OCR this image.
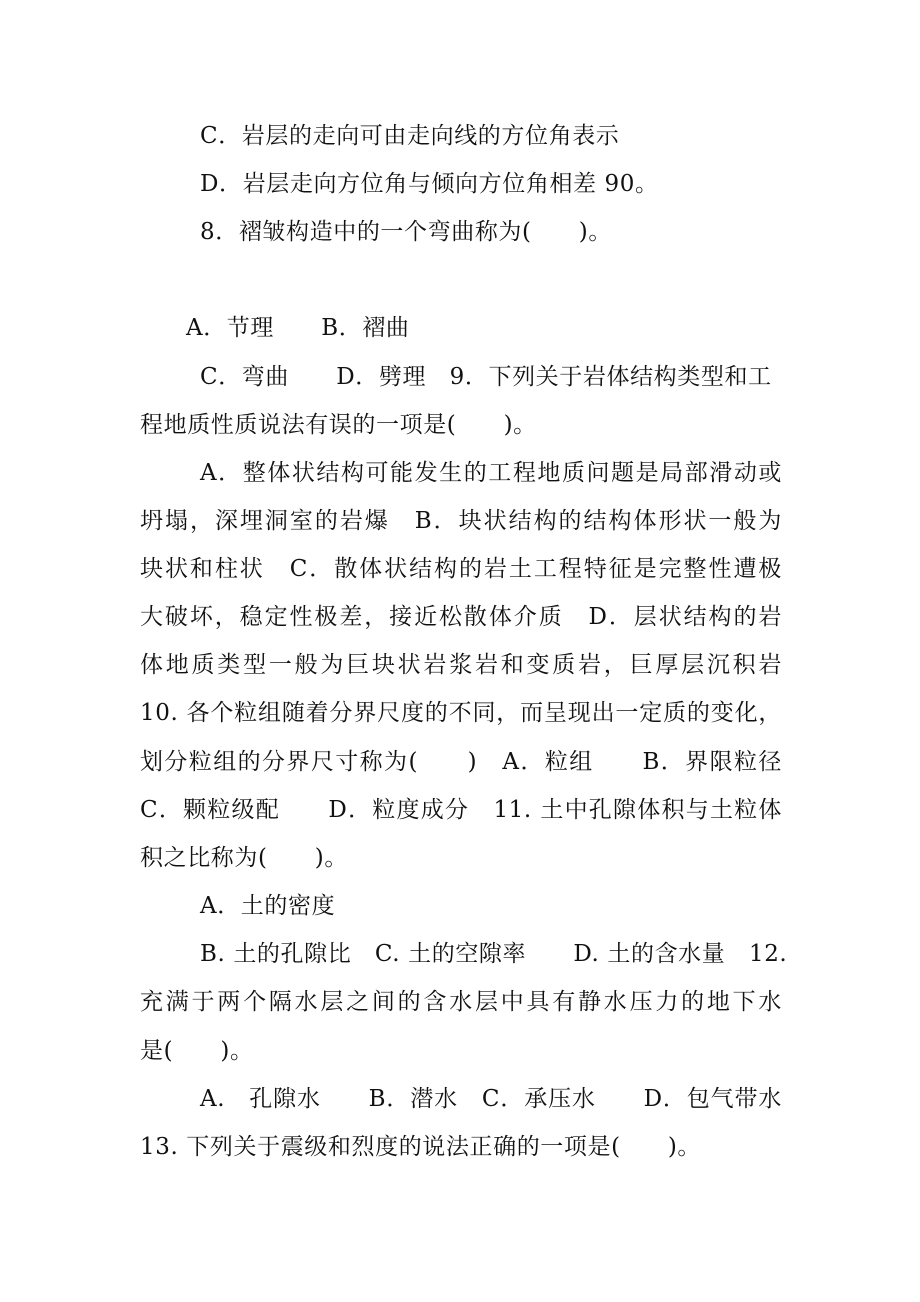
C．岩层的走向可由走向线的方位角表示
D．岩层走向方位角与倾向方位角相差 90。
8．褶皱构造中的一个弯曲称为(　　)。
A．节理　　B．褶曲
C．弯曲　　D．劈理　9．下列关于岩体结构类型和工
程地质性质说法有误的一项是(　　)。
A．整体状结构可能发生的工程地质问题是局部滑动或
坍塌，深埋洞室的岩爆　B．块状结构的结构体形状一般为
块状和柱状　C．散体状结构的岩土工程特征是完整性遭极
大破坏，稳定性极差，接近松散体介质　D．层状结构的岩
体地质类型一般为巨块状岩浆岩和变质岩，巨厚层沉积岩
10. 各个粒组随着分界尺度的不同，而呈现出一定质的变化，
划分粒组的分界尺寸称为(　　)　A．粒组　　B．界限粒径
C．颗粒级配　　D．粒度成分　11. 土中孔隙体积与土粒体
积之比称为(　　)。
A．土的密度
B. 土的孔隙比　C. 土的空隙率　　D. 土的含水量　12.
充满于两个隔水层之间的含水层中具有静水压力的地下水
是(　　)。
A.　孔隙水　　B．潜水　C．承压水　　D．包气带水
13. 下列关于震级和烈度的说法正确的一项是(　　)。
